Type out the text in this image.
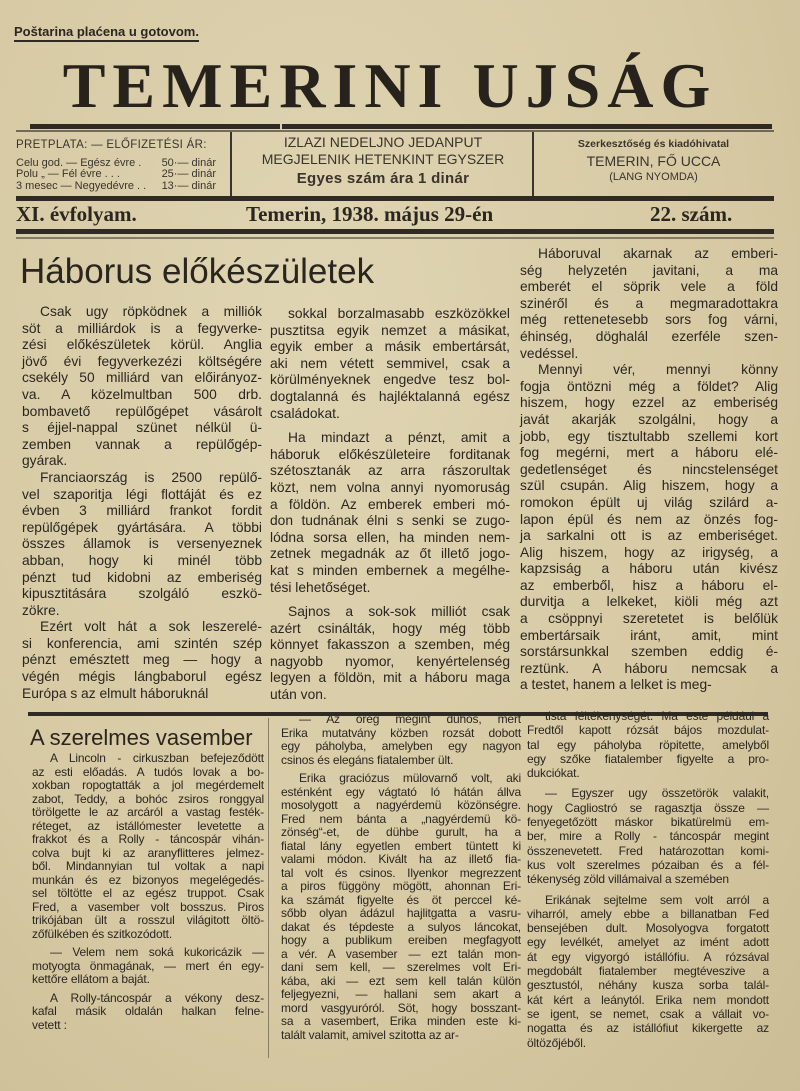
Poštarina plaćena u gotovom.
TEMERINI UJSÁG
PRETPLATA: — ELŐFIZETÉSI ÁR:
Celu god. — Egész évre . 50·— dinár
Polu „ — Fél évre . . .	25·— dinár
3 mesec — Negyedévre . . 13·— dinár
IZLAZI NEDELJNO JEDANPUT
MEGJELENIK HETENKINT EGYSZER
Egyes szám ára 1 dinár
Szerkesztőség és kiadóhivatal
TEMERIN, FŐ UCCA
(LANG NYOMDA)
XI. évfolyam.	Temerin, 1938. május 29-én	22. szám.
Háborus előkészületek
Csak ugy röpködnek a milliók
söt a milliárdok is a fegyverke-
zési előkészületek körül. Anglia
jövő évi fegyverkezézi költségére
csekély 50 milliárd van előirányoz-
va. A közelmultban 500 drb.
bombavető repülőgépet vásárolt
s éjjel-nappal szünet nélkül ü-
zemben vannak a repülőgép-
gyárak.
Franciaország is 2500 repülő-
vel szaporitja légi flottáját és ez
évben 3 milliárd frankot fordit
repülőgépek gyártására. A többi
összes államok is versenyeznek
abban, hogy ki minél több
pénzt tud kidobni az emberiség
kipusztitására szolgáló eszkö-
zökre.
Ezért volt hát a sok leszerelé-
si konferencia, ami szintén szép
pénzt emésztett meg — hogy a
végén mégis lángbaborul egész
Európa s az elmult háboruknál
sokkal borzalmasabb eszközökkel
pusztitsa egyik nemzet a másikat,
egyik ember a másik embertársát,
aki nem vétett semmivel, csak a
körülményeknek engedve tesz bol-
dogtalanná és hajléktalanná egész
családokat.
Ha mindazt a pénzt, amit a
háboruk előkészületeire forditanak
szétosztanák az arra rászorultak
közt, nem volna annyi nyomoruság
a földön. Az emberek emberi mó-
don tudnának élni s senki se zugo-
lódna sorsa ellen, ha minden nem-
zetnek megadnák az őt illető jogo-
kat s minden embernek a megélhe-
tési lehetőséget.
Sajnos a sok-sok milliót csak
azért csinálták, hogy még több
könnyet fakasszon a szemben, még
nagyobb nyomor, kenyértelenség
legyen a földön, mit a háboru maga
után von.
Háboruval akarnak az emberi-
ség helyzetén javitani, a ma
emberét el söprik vele a föld
szinéről és a megmaradottakra
még rettenetesebb sors fog várni,
éhinség, döghalál ezerféle szen-
vedéssel.
Mennyi vér, mennyi könny
fogja öntözni még a földet? Alig
hiszem, hogy ezzel az emberiség
javát akarják szolgálni, hogy a
jobb, egy tisztultabb szellemi kort
fog megérni, mert a háboru elé-
gedetlenséget és nincstelenséget
szül csupán. Alig hiszem, hogy a
romokon épült uj világ szilárd a-
lapon épül és nem az önzés fog-
ja sarkalni ott is az emberiséget.
Alig hiszem, hogy az irigység, a
kapzsiság a háboru után kivész
az emberből, hisz a háboru el-
durvitja a lelkeket, kiöli még azt
a csöppnyi szeretetet is belőlük
embertársaik iránt, amit, mint
sorstársunkkal szemben eddig é-
reztünk. A háboru nemcsak a
a testet, hanem a lelket is meg-
A szerelmes vasember
A Lincoln - cirkuszban befejeződött
az esti előadás. A tudós lovak a bo-
xokban ropogtatták a jol megérdemelt
zabot, Teddy, a bohóc zsiros ronggyal
törölgette le az arcáról a vastag festék-
réteget, az istállómester levetette a
frakkot és a Rolly - táncospár vihán-
colva bujt ki az aranyflitteres jelmez-
ből. Mindannyian tul voltak a napi
munkán és ez bizonyos megelégedés-
sel töltötte el az egész truppot. Csak
Fred, a vasember volt bosszus. Piros
trikójában ült a rosszul világitott öltö-
zőfülkében és szitkozódott.
— Velem nem soká kukoricázik —
motyogta önmagának, — mert én egy-
kettőre ellátom a baját.
A Rolly-táncospár a vékony desz-
kafal másik oldalán halkan felne-
vetett :
— Az öreg megint dühös, mert
Erika mutatvány közben rozsát dobott
egy páholyba, amelyben egy nagyon
csinos és elegáns fiatalember ült.
Erika graciózus mülovarnő volt, aki
esténként egy vágtató ló hátán állva
mosolygott a nagyérdemü közönségre.
Fred nem bánta a „nagyérdemü kö-
zönség“-et, de dühbe gurult, ha a
fiatal lány egyetlen embert tüntett ki
valami módon. Kivált ha az illető fia-
tal volt és csinos. Ilyenkor megrezzent
a piros függöny mögött, ahonnan Eri-
ka számát figyelte és öt perccel ké-
sőbb olyan ádázul hajlitgatta a vasru-
dakat és tépdeste a sulyos láncokat,
hogy a publikum ereiben megfagyott
a vér. A vasember — ezt talán mon-
dani sem kell, — szerelmes volt Eri-
kába, aki — ezt sem kell talán külön
feljegyezni, — hallani sem akart a
mord vasgyuróról. Söt, hogy bosszant-
sa a vasembert, Erika minden este ki-
talált valamit, amivel szitotta az ar-
tista féltékenységét. Ma este például a
Fredtől kapott rózsát bájos mozdulat-
tal egy páholyba röpitette, amelyből
egy szőke fiatalember figyelte a pro-
dukciókat.
— Egyszer ugy összetörök valakit,
hogy Cagliostró se ragasztja össze —
fenyegetőzött máskor bikatürelmü em-
ber, mire a Rolly - táncospár megint
összenevetett. Fred határozottan komi-
kus volt szerelmes pózaiban és a fél-
tékenység zöld villámaival a szemében
Erikának sejtelme sem volt arról a
viharról, amely ebbe a billanatban Fed
bensejében dult. Mosolyogva forgatott
egy levélkét, amelyet az imént adott
át egy vigyorgó istállófiu. A rózsával
megdobált fiatalember megtéveszive a
gesztustól, néhány kusza sorba talál-
kát kért a leánytól. Erika nem mondott
se igent, se nemet, csak a vállait vo-
nogatta és az istállófiut kikergette az
öltözőjéből.
